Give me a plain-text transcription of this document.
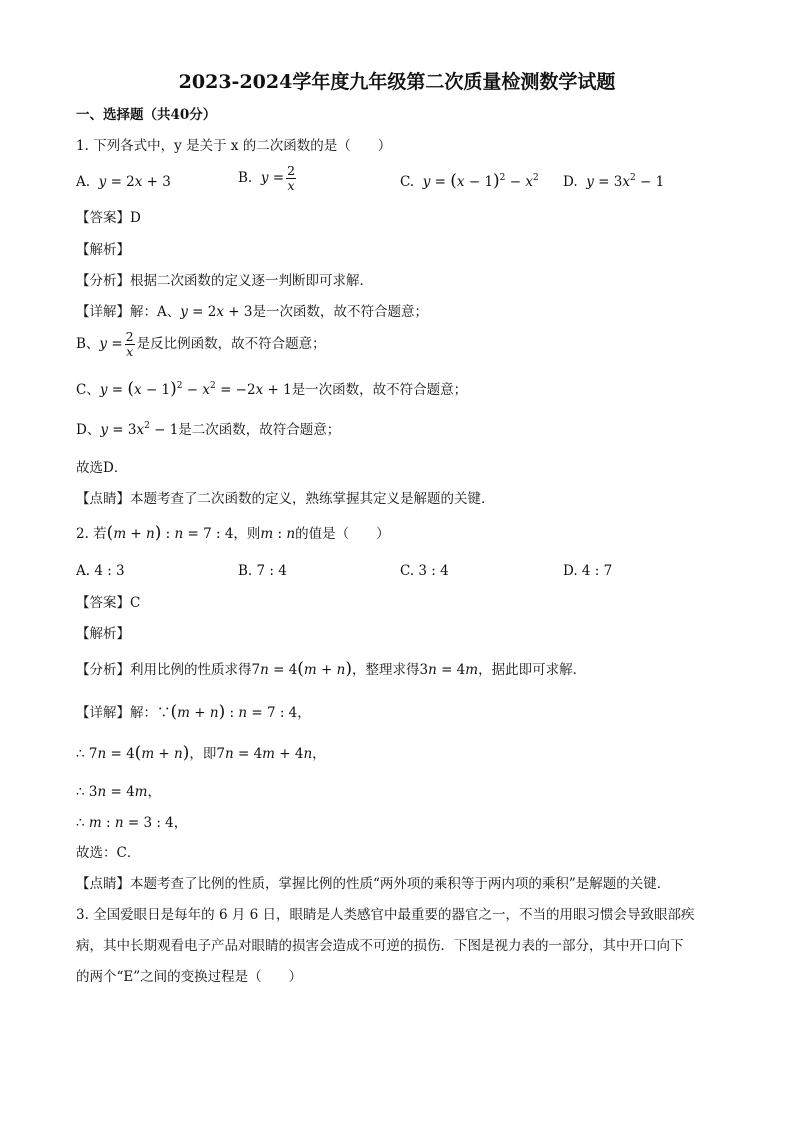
2023-2024学年度九年级第二次质量检测数学试题
一、选择题（共40分）
1. 下列各式中，y 是关于 x 的二次函数的是（　　）
A. y = 2x + 3	B. $y = \frac{2}{x}$	C. $y = (x - 1)^2 - x^2$ D. $y = 3x^2 - 1$
【答案】D
【解析】
【分析】根据二次函数的定义逐一判断即可求解．
【详解】解：A、y = 2x + 3是一次函数，故不符合题意；
B、$y = \frac{2}{x}$ 是反比例函数，故不符合题意；
C、$y = (x - 1)^2 - x^2 = -2x + 1$是一次函数，故不符合题意；
D、$y = 3x^2 - 1$是二次函数，故符合题意；
故选D．
【点睛】本题考查了二次函数的定义，熟练掌握其定义是解题的关键．
2. 若(m + n) : n = 7 : 4，则m : n的值是（　　）
A. 4 : 3	B. 7 : 4	C. 3 : 4	D. 4 : 7
【答案】C
【解析】
【分析】利用比例的性质求得7n = 4(m + n)，整理求得3n = 4m，据此即可求解．
【详解】解：∵(m + n) : n = 7 : 4，
∴ 7n = 4(m + n)，即7n = 4m + 4n，
∴ 3n = 4m，
∴ m : n = 3 : 4，
故选：C．
【点睛】本题考查了比例的性质，掌握比例的性质“两外项的乘积等于两内项的乘积”是解题的关键．
3. 全国爱眼日是每年的 6 月 6 日，眼睛是人类感官中最重要的器官之一，不当的用眼习惯会导致眼部疾
病，其中长期观看电子产品对眼睛的损害会造成不可逆的损伤．下图是视力表的一部分，其中开口向下
的两个“E”之间的变换过程是（　　）
